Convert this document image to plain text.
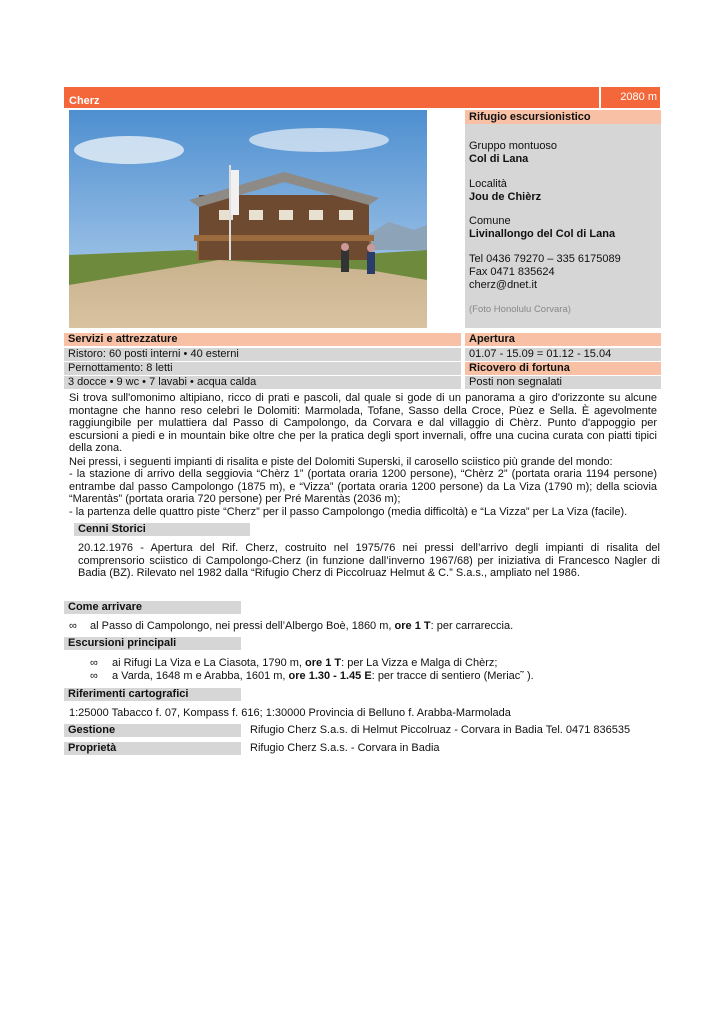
Cherz	2080 m
Rifugio escursionistico
Gruppo montuoso
Col di Lana
Località
Jou de Chièrz
Comune
Livinallongo del Col di Lana
Tel 0436 79270 – 335 6175089
Fax 0471 835624
cherz@dnet.it
(Foto Honolulu Corvara)
Servizi e attrezzature
Ristoro: 60 posti interni • 40 esterni
Pernottamento: 8 letti
3 docce • 9 wc • 7 lavabi • acqua calda
Apertura
01.07 - 15.09 = 01.12 - 15.04
Ricovero di fortuna
Posti non segnalati
Si trova sull'omonimo altipiano, ricco di prati e pascoli, dal quale si gode di un panorama a giro d'orizzonte su alcune montagne che hanno reso celebri le Dolomiti: Marmolada, Tofane, Sasso della Croce, Pùez e Sella. È agevolmente raggiungibile per mulattiera dal Passo di Campolongo, da Corvara e dal villaggio di Chèrz. Punto d'appoggio per escursioni a piedi e in mountain bike oltre che per la pratica degli sport invernali, offre una cucina curata con piatti tipici della zona.
Nei pressi, i seguenti impianti di risalita e piste del Dolomiti Superski, il carosello sciistico più grande del mondo:
- la stazione di arrivo della seggiovia “Chèrz 1” (portata oraria 1200 persone), “Chèrz 2” (portata oraria 1194 persone) entrambe dal passo Campolongo (1875 m), e “Vizza” (portata oraria 1200 persone) da La Viza (1790 m); della sciovia “Marentàs” (portata oraria 720 persone) per Pré Marentàs (2036 m);
- la partenza delle quattro piste “Cherz” per il passo Campolongo (media difficoltà) e “La Vizza” per La Viza (facile).
Cenni Storici
20.12.1976 - Apertura del Rif. Cherz, costruito nel 1975/76 nei pressi dell’arrivo degli impianti di risalita del comprensorio sciistico di Campolongo-Cherz (in funzione dall’inverno 1967/68) per iniziativa di Francesco Nagler di Badia (BZ). Rilevato nel 1982 dalla “Rifugio Cherz di Piccolruaz Helmut & C.” S.a.s., ampliato nel 1986.
Come arrivare
∞ al Passo di Campolongo, nei pressi dell’Albergo Boè, 1860 m, ore 1 T: per carrareccia.
Escursioni principali
∞ ai Rifugi La Viza e La Ciasota, 1790 m, ore 1 T: per La Vizza e Malga di Chèrz;
∞ a Varda, 1648 m e Arabba, 1601 m, ore 1.30 - 1.45 E: per tracce di sentiero (Meriac˜ ).
Riferimenti cartografici
1:25000 Tabacco f. 07, Kompass f. 616; 1:30000 Provincia di Belluno f. Arabba-Marmolada
Gestione	Rifugio Cherz S.a.s. di Helmut Piccolruaz - Corvara in Badia Tel. 0471 836535
Proprietà	Rifugio Cherz S.a.s. - Corvara in Badia
